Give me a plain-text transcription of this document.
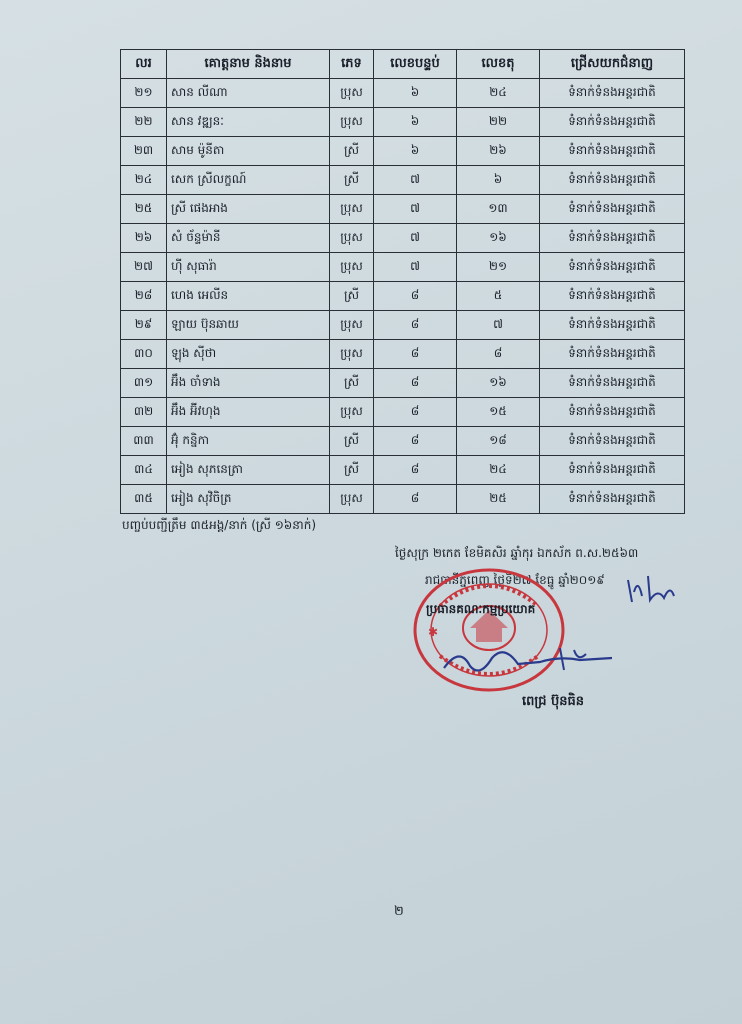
លរ	គោត្តនាម និងនាម	ភេទ	លេខបន្ទប់	លេខតុ	ជ្រើសយកជំនាញ
២១	សាន លីណា	ប្រុស	៦	២៤	ទំនាក់ទំនងអន្តរជាតិ
២២	សាន វឌ្ឍនៈ	ប្រុស	៦	២២	ទំនាក់ទំនងអន្តរជាតិ
២៣	សាម ម៉ូនីតា	ស្រី	៦	២៦	ទំនាក់ទំនងអន្តរជាតិ
២៤	សេក ស្រីលក្ខណ៍	ស្រី	៧	៦	ទំនាក់ទំនងអន្តរជាតិ
២៥	ស្រី ផេងអាង	ប្រុស	៧	១៣	ទំនាក់ទំនងអន្តរជាតិ
២៦	សំ ច័ន្ទម៉ានី	ប្រុស	៧	១៦	ទំនាក់ទំនងអន្តរជាតិ
២៧	ហ៊ី សុធារ៉ា	ប្រុស	៧	២១	ទំនាក់ទំនងអន្តរជាតិ
២៨	ហេង អេលីន	ស្រី	៨	៥	ទំនាក់ទំនងអន្តរជាតិ
២៩	ឡាយ ប៊ុនឆាយ	ប្រុស	៨	៧	ទំនាក់ទំនងអន្តរជាតិ
៣០	ឡុង ស៊ីថា	ប្រុស	៨	៨	ទំនាក់ទំនងអន្តរជាតិ
៣១	អ៊ឹង ចាំទាង	ស្រី	៨	១៦	ទំនាក់ទំនងអន្តរជាតិ
៣២	អ៊ឹង អ៊ីវហុង	ប្រុស	៨	១៥	ទំនាក់ទំនងអន្តរជាតិ
៣៣	អ៊ុំ កន្និកា	ស្រី	៨	១៨	ទំនាក់ទំនងអន្តរជាតិ
៣៤	អៀង សុភនេត្រា	ស្រី	៨	២៤	ទំនាក់ទំនងអន្តរជាតិ
៣៥	អៀង សុវិចិត្រ	ប្រុស	៨	២៥	ទំនាក់ទំនងអន្តរជាតិ
បញ្ចប់បញ្ជីត្រឹម ៣៥អង្គ/នាក់ (ស្រី ១៦នាក់)
ថ្ងៃសុក្រ ២កេត ខែមិគសិរ ឆ្នាំកុរ ឯកស័ក ព.ស.២៥៦៣
រាជធានីភ្នំពេញ ថ្ងៃទី២៧ ខែធ្នូ ឆ្នាំ២០១៩
✱
ប្រធានគណៈកម្មប្រយោគ
ពេជ្រ ប៊ុនធិន
២
